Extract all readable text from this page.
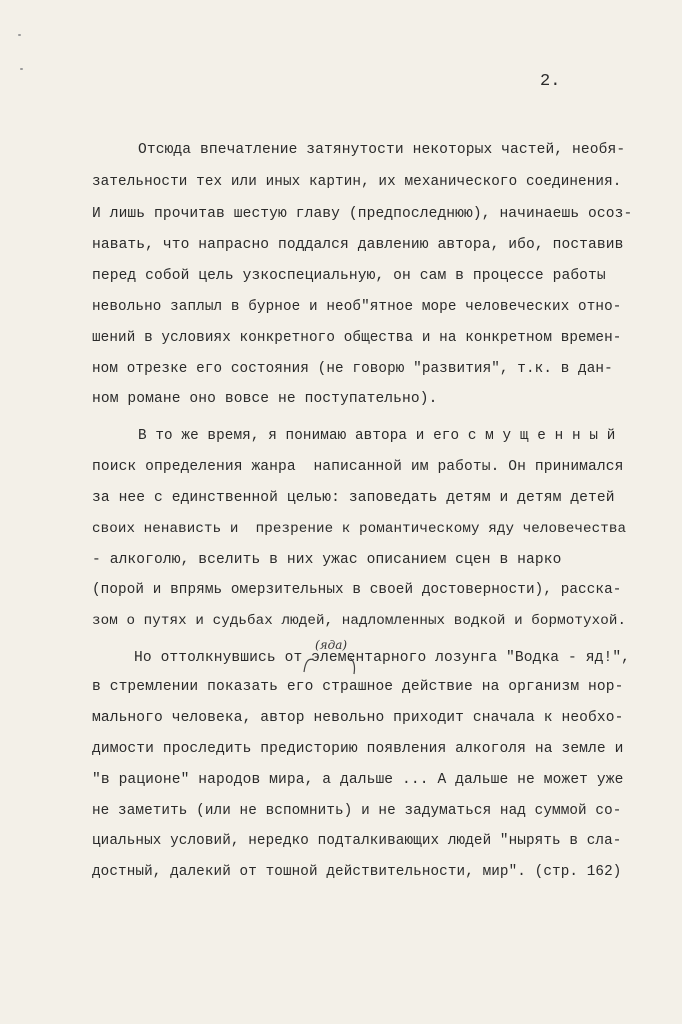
2.
Отсюда впечатление затянутости некоторых частей, необя-
зательности тех или иных картин, их механического соединения.
И лишь прочитав шестую главу (предпоследнюю), начинаешь осоз-
навать, что напрасно поддался давлению автора, ибо, поставив
перед собой цель узкоспециальную, он сам в процессе работы
невольно заплыл в бурное и необ"ятное море человеческих отно-
шений в условиях конкретного общества и на конкретном времен-
ном отрезке его состояния (не говорю "развития", т.к. в дан-
ном романе оно вовсе не поступательно).
В то же время, я понимаю автора и его с м у щ е н н ы й
поиск определения жанра  написанной им работы. Он принимался
за нее с единственной целью: заповедать детям и детям детей
своих ненависть и  презрение к романтическому яду человечества
- алкоголю, вселить в них ужас описанием сцен в нарко
(порой и впрямь омерзительных в своей достоверности), расска-
зом о путях и судьбах людей, надломленных водкой и бормотухой.
Но оттолкнувшись от элементарного лозунга "Водка - яд!",
(яда)
в стремлении показать его страшное действие на организм нор-
мального человека, автор невольно приходит сначала к необхо-
димости проследить предисторию появления алкоголя на земле и
"в рационе" народов мира, а дальше ... А дальше не может уже
не заметить (или не вспомнить) и не задуматься над суммой со-
циальных условий, нередко подталкивающих людей "нырять в сла-
достный, далекий от тошной действительности, мир". (стр. 162)
